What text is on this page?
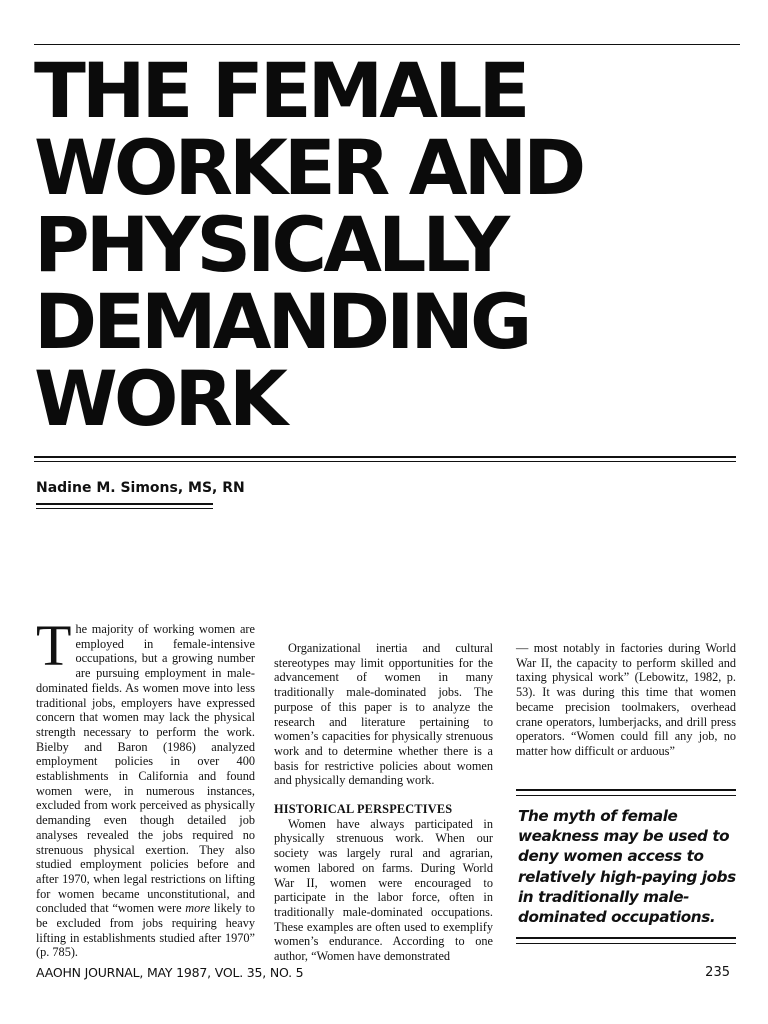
THE FEMALE
WORKER AND
PHYSICALLY
DEMANDING
WORK
Nadine M. Simons, MS, RN

The majority of working women are employed in female-intensive occupations, but a growing number are pursuing employment in male-dominated fields. As women move into less traditional jobs, employers have expressed concern that women may lack the physical strength necessary to perform the work. Bielby and Baron (1986) analyzed employment policies in over 400 establishments in California and found women were, in numerous instances, excluded from work perceived as physically demanding even though detailed job analyses revealed the jobs required no strenuous physical exertion. They also studied employment policies before and after 1970, when legal restrictions on lifting for women became unconstitutional, and concluded that “women were more likely to be excluded from jobs requiring heavy lifting in establishments studied after 1970” (p. 785).

Organizational inertia and cultural stereotypes may limit opportunities for the advancement of women in many traditionally male-dominated jobs. The purpose of this paper is to analyze the research and literature pertaining to women’s capacities for physically strenuous work and to determine whether there is a basis for restrictive policies about women and physically demanding work.

HISTORICAL PERSPECTIVES

Women have always participated in physically strenuous work. When our society was largely rural and agrarian, women labored on farms. During World War II, women were encouraged to participate in the labor force, often in traditionally male-dominated occupations. These examples are often used to exemplify women’s endurance. According to one author, “Women have demonstrated

— most notably in factories during World War II, the capacity to perform skilled and taxing physical work” (Lebowitz, 1982, p. 53). It was during this time that women became precision toolmakers, overhead crane operators, lumberjacks, and drill press operators. “Women could fill any job, no matter how difficult or arduous”

The myth of female weakness may be used to deny women access to relatively high-paying jobs in traditionally male-dominated occupations.

AAOHN JOURNAL, MAY 1987, VOL. 35, NO. 5	235
